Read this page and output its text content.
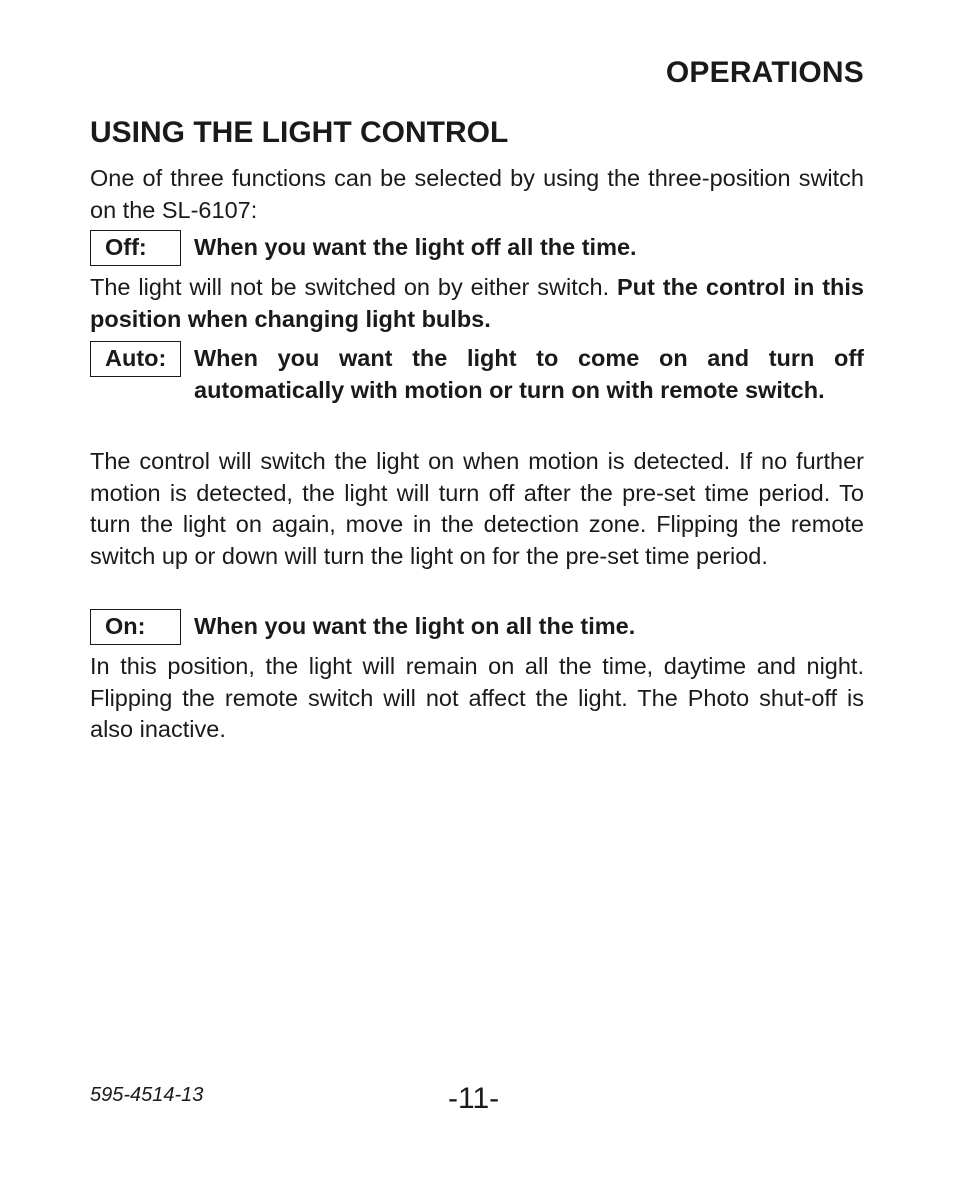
OPERATIONS
USING THE LIGHT CONTROL

One of three functions can be selected by using the three-position switch on the SL-6107:

Off:	When you want the light off all the time.

The light will not be switched on by either switch. Put the control in this position when changing light bulbs.

Auto:	When you want the light to come on and turn off automatically with motion or turn on with remote switch.

The control will switch the light on when motion is detected. If no further motion is detected, the light will turn off after the pre-set time period. To turn the light on again, move in the detection zone. Flipping the remote switch up or down will turn the light on for the pre-set time period.

On:	When you want the light on all the time.

In this position, the light will remain on all the time, daytime and night. Flipping the remote switch will not affect the light. The Photo shut-off is also inactive.

595-4514-13	-11-
